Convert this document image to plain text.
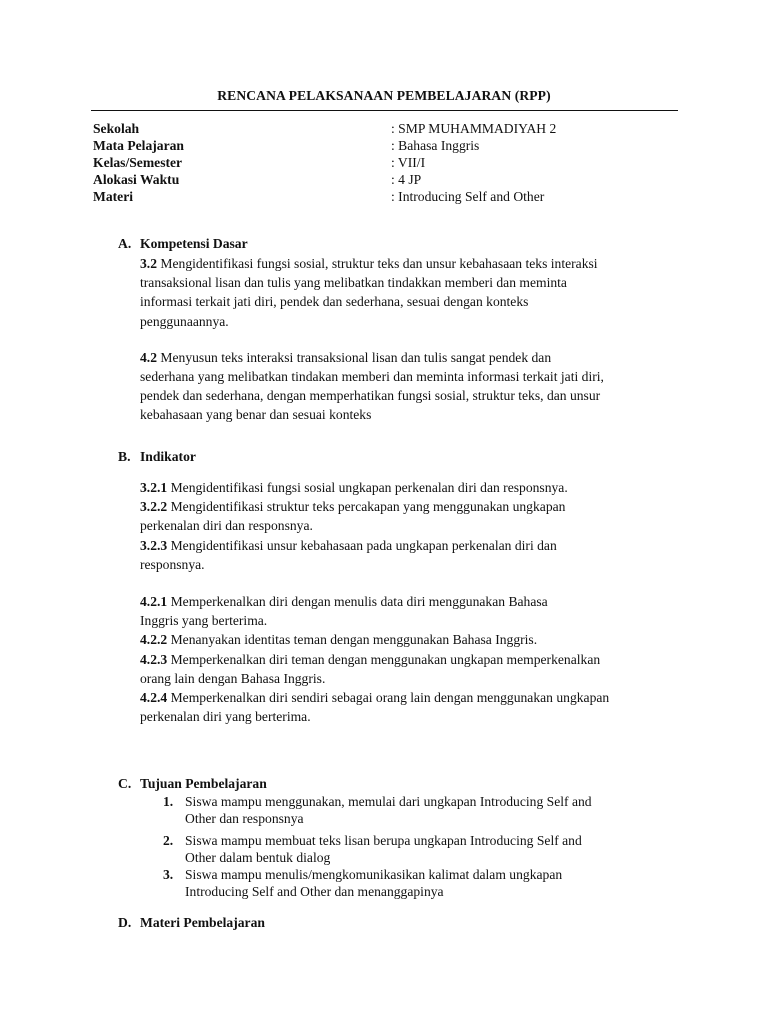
RENCANA PELAKSANAAN PEMBELAJARAN (RPP)
Sekolah	: SMP MUHAMMADIYAH 2
Mata Pelajaran	: Bahasa Inggris
Kelas/Semester	: VII/I
Alokasi Waktu	: 4 JP
Materi	: Introducing Self and Other
A. Kompetensi Dasar
3.2 Mengidentifikasi fungsi sosial, struktur teks dan unsur kebahasaan teks interaksi
transaksional lisan dan tulis yang melibatkan tindakkan memberi dan meminta
informasi terkait jati diri, pendek dan sederhana, sesuai dengan konteks
penggunaannya.
4.2 Menyusun teks interaksi transaksional lisan dan tulis sangat pendek dan
sederhana yang melibatkan tindakan memberi dan meminta informasi terkait jati diri,
pendek dan sederhana, dengan memperhatikan fungsi sosial, struktur teks, dan unsur
kebahasaan yang benar dan sesuai konteks
B. Indikator
3.2.1 Mengidentifikasi fungsi sosial ungkapan perkenalan diri dan responsnya.
3.2.2 Mengidentifikasi struktur teks percakapan yang menggunakan ungkapan
perkenalan diri dan responsnya.
3.2.3 Mengidentifikasi unsur kebahasaan pada ungkapan perkenalan diri dan
responsnya.
4.2.1 Memperkenalkan diri dengan menulis data diri menggunakan Bahasa
Inggris yang berterima.
4.2.2 Menanyakan identitas teman dengan menggunakan Bahasa Inggris.
4.2.3 Memperkenalkan diri teman dengan menggunakan ungkapan memperkenalkan
orang lain dengan Bahasa Inggris.
4.2.4 Memperkenalkan diri sendiri sebagai orang lain dengan menggunakan ungkapan
perkenalan diri yang berterima.
C. Tujuan Pembelajaran
1. Siswa mampu menggunakan, memulai dari ungkapan Introducing Self and
Other dan responsnya
2. Siswa mampu membuat teks lisan berupa ungkapan Introducing Self and
Other dalam bentuk dialog
3. Siswa mampu menulis/mengkomunikasikan kalimat dalam ungkapan
Introducing Self and Other dan menanggapinya
D. Materi Pembelajaran
